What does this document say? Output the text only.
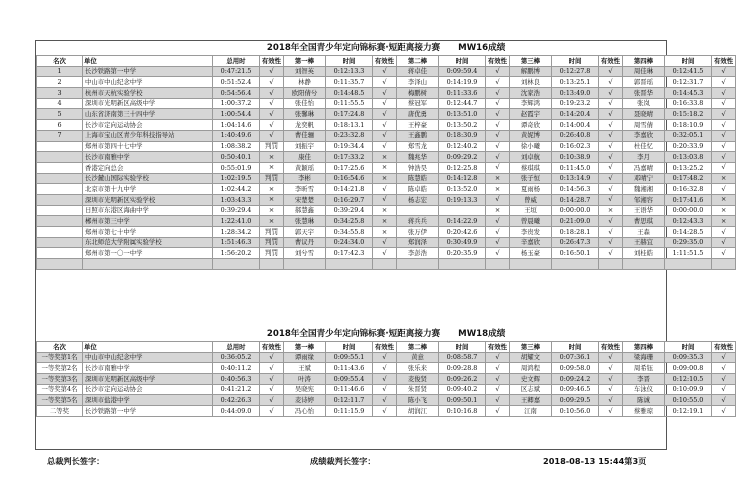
2018年全国青少年定向锦标赛·短距离接力赛 MW16成绩															
名次	单位	总用时	有效性	第一棒	时间	有效性	第二棒	时间	有效性	第三棒	时间	有效性	第四棒	时间	有效性
1	长沙铁路第一中学	0:47:21.5	√	刘智英	0:12:13.3	√	蒋卓佳	0:09:59.4	√	解鹏博	0:12:27.8	√	周佳琳	0:12:41.5	√
2	中山市中山纪念中学	0:51:52.4	√	林静	0:11:35.7	√	李泽山	0:14:19.9	√	刘林良	0:13:25.1	√	郭晋瑶	0:12:31.7	√
3	杭州市天杭实验学校	0:54:56.4	√	欧阳倩兮	0:14:48.5	√	梅鹏树	0:11:33.6	√	沈家浩	0:13:49.0	√	张晋华	0:14:45.3	√
4	深圳市光明新区高级中学	1:00:37.2	√	张佳怡	0:11:55.5	√	蔡冠军	0:12:44.7	√	李辉鸿	0:19:23.2	√	张岚	0:16:33.8	√
5	山东省济南第三十四中学	1:00:54.4	√	张馨琳	0:17:24.8	√	唐优勇	0:13:51.0	√	赵霞宇	0:14:20.4	√	聂晓晴	0:15:18.2	√
6	长沙市定向运动协会	1:04:14.6	√	龙奕帆	0:18:13.1	√	王梓豪	0:13:50.2	√	谭奇欣	0:14:00.4	√	周雪倩	0:18:10.9	√
7	上海市宝山区青少年科技指导站	1:40:49.6	√	曹佳骊	0:23:32.8	√	王鑫鹏	0:18:30.9	√	黄妮博	0:26:40.8	√	李嘉欣	0:32:05.1	√
	郑州市第四十七中学	1:08:38.2	判罚	刘振宇	0:19:34.4	√	郑雪龙	0:12:40.2	√	徐小曦	0:16:02.3	√	杜佳忆	0:20:33.9	√
	长沙市南雅中学	0:50:40.1	×	康佳	0:17:33.2	×	魏兆华	0:09:29.2	√	刘卓航	0:10:38.9	√	李月	0:13:03.8	√
	香港定向总会	0:55:01.9	×	黄颖瑶	0:17:25.6	×	钟浩昊	0:12:25.8	√	蔡琪琪	0:11:45.0	√	冯嘉晴	0:13:25.2	√
	长沙麓山国际实验学校	1:02:19.5	判罚	李彬	0:16:54.6	×	陈慧皓	0:14:12.8	×	张子恒	0:13:14.9	√	邓晴宁	0:17:48.2	×
	北京市第十九中学	1:02:44.2	×	李昕雪	0:14:21.8	√	陈卓皓	0:13:52.0	×	夏雨杨	0:14:56.3	√	魏湘湘	0:16:32.8	√
	深圳市光明新区实验学校	1:03:43.3	×	宋楚楚	0:16:29.7	√	杨志宏	0:19:13.3	√	曾威	0:14:28.7	√	邹湘容	0:17:41.6	×
	日照市东港区海曲中学	0:39:29.4	×	郝慧鑫	0:39:29.4	×			×	王垣	0:00:00.0	×	王语华	0:00:00.0	×
	郴州市第三中学	1:22:41.0	×	张慧琳	0:34:25.8	×	蒋兵兵	0:14:22.9	√	曾晨曦	0:21:09.0	√	曹思琪	0:12:43.3	×
	郑州市第七十中学	1:28:34.2	判罚	郭天宇	0:34:55.8	×	张万伊	0:20:42.6	√	李贵发	0:18:28.1	√	王森	0:14:28.5	√
	东北师范大学附属实验学校	1:51:46.3	判罚	曹议丹	0:24:34.0	√	郑润泽	0:30:49.9	√	辛嘉欣	0:26:47.3	√	王赫宜	0:29:35.0	√
	郑州市第一〇一中学	1:56:20.2	判罚	刘兮雪	0:17:42.3	√	李彭浩	0:20:35.9	√	杨玉豪	0:16:50.1	√	刘桂皓	1:11:51.5	√

2018年全国青少年定向锦标赛·短距离接力赛 MW18成绩															
名次	单位	总用时	有效性	第一棒	时间	有效性	第二棒	时间	有效性	第三棒	时间	有效性	第四棒	时间	有效性
一等奖第1名	中山市中山纪念中学	0:36:05.2	√	谭雨缘	0:09:55.1	√	黄意	0:08:58.7	√	胡耀文	0:07:36.1	√	梁海珊	0:09:35.3	√
一等奖第2名	长沙市南雅中学	0:40:11.2	√	王斌	0:11:43.6	√	张乐来	0:09:28.8	√	周鸿程	0:09:58.0	√	周希钰	0:09:00.8	√
一等奖第3名	深圳市光明新区高级中学	0:40:56.3	√	叶涛	0:09:55.4	√	麦俊贤	0:09:26.2	√	史文辉	0:09:24.2	√	李晋	0:12:10.5	√
一等奖第4名	长沙市定向运动协会	0:41:21.2	√	吴晓宪	0:11:46.6	√	朱晋贤	0:09:40.2	√	区志斌	0:09:46.5	√	车泳仪	0:10:09.9	√
一等奖第5名	深圳市盐港中学	0:42:26.3	√	麦诗婷	0:12:11.7	√	陈小飞	0:09:50.1	√	王卿嘉	0:09:29.5	√	陈诚	0:10:55.0	√
二等奖	长沙铁路第一中学	0:44:09.0	√	冯心怡	0:11:15.9	√	胡润江	0:10:16.8	√	江南	0:10:56.0	√	蔡雅琼	0:12:19.1	√
总裁判长签字：	成绩裁判长签字：	2018-08-13 15:44第3页
